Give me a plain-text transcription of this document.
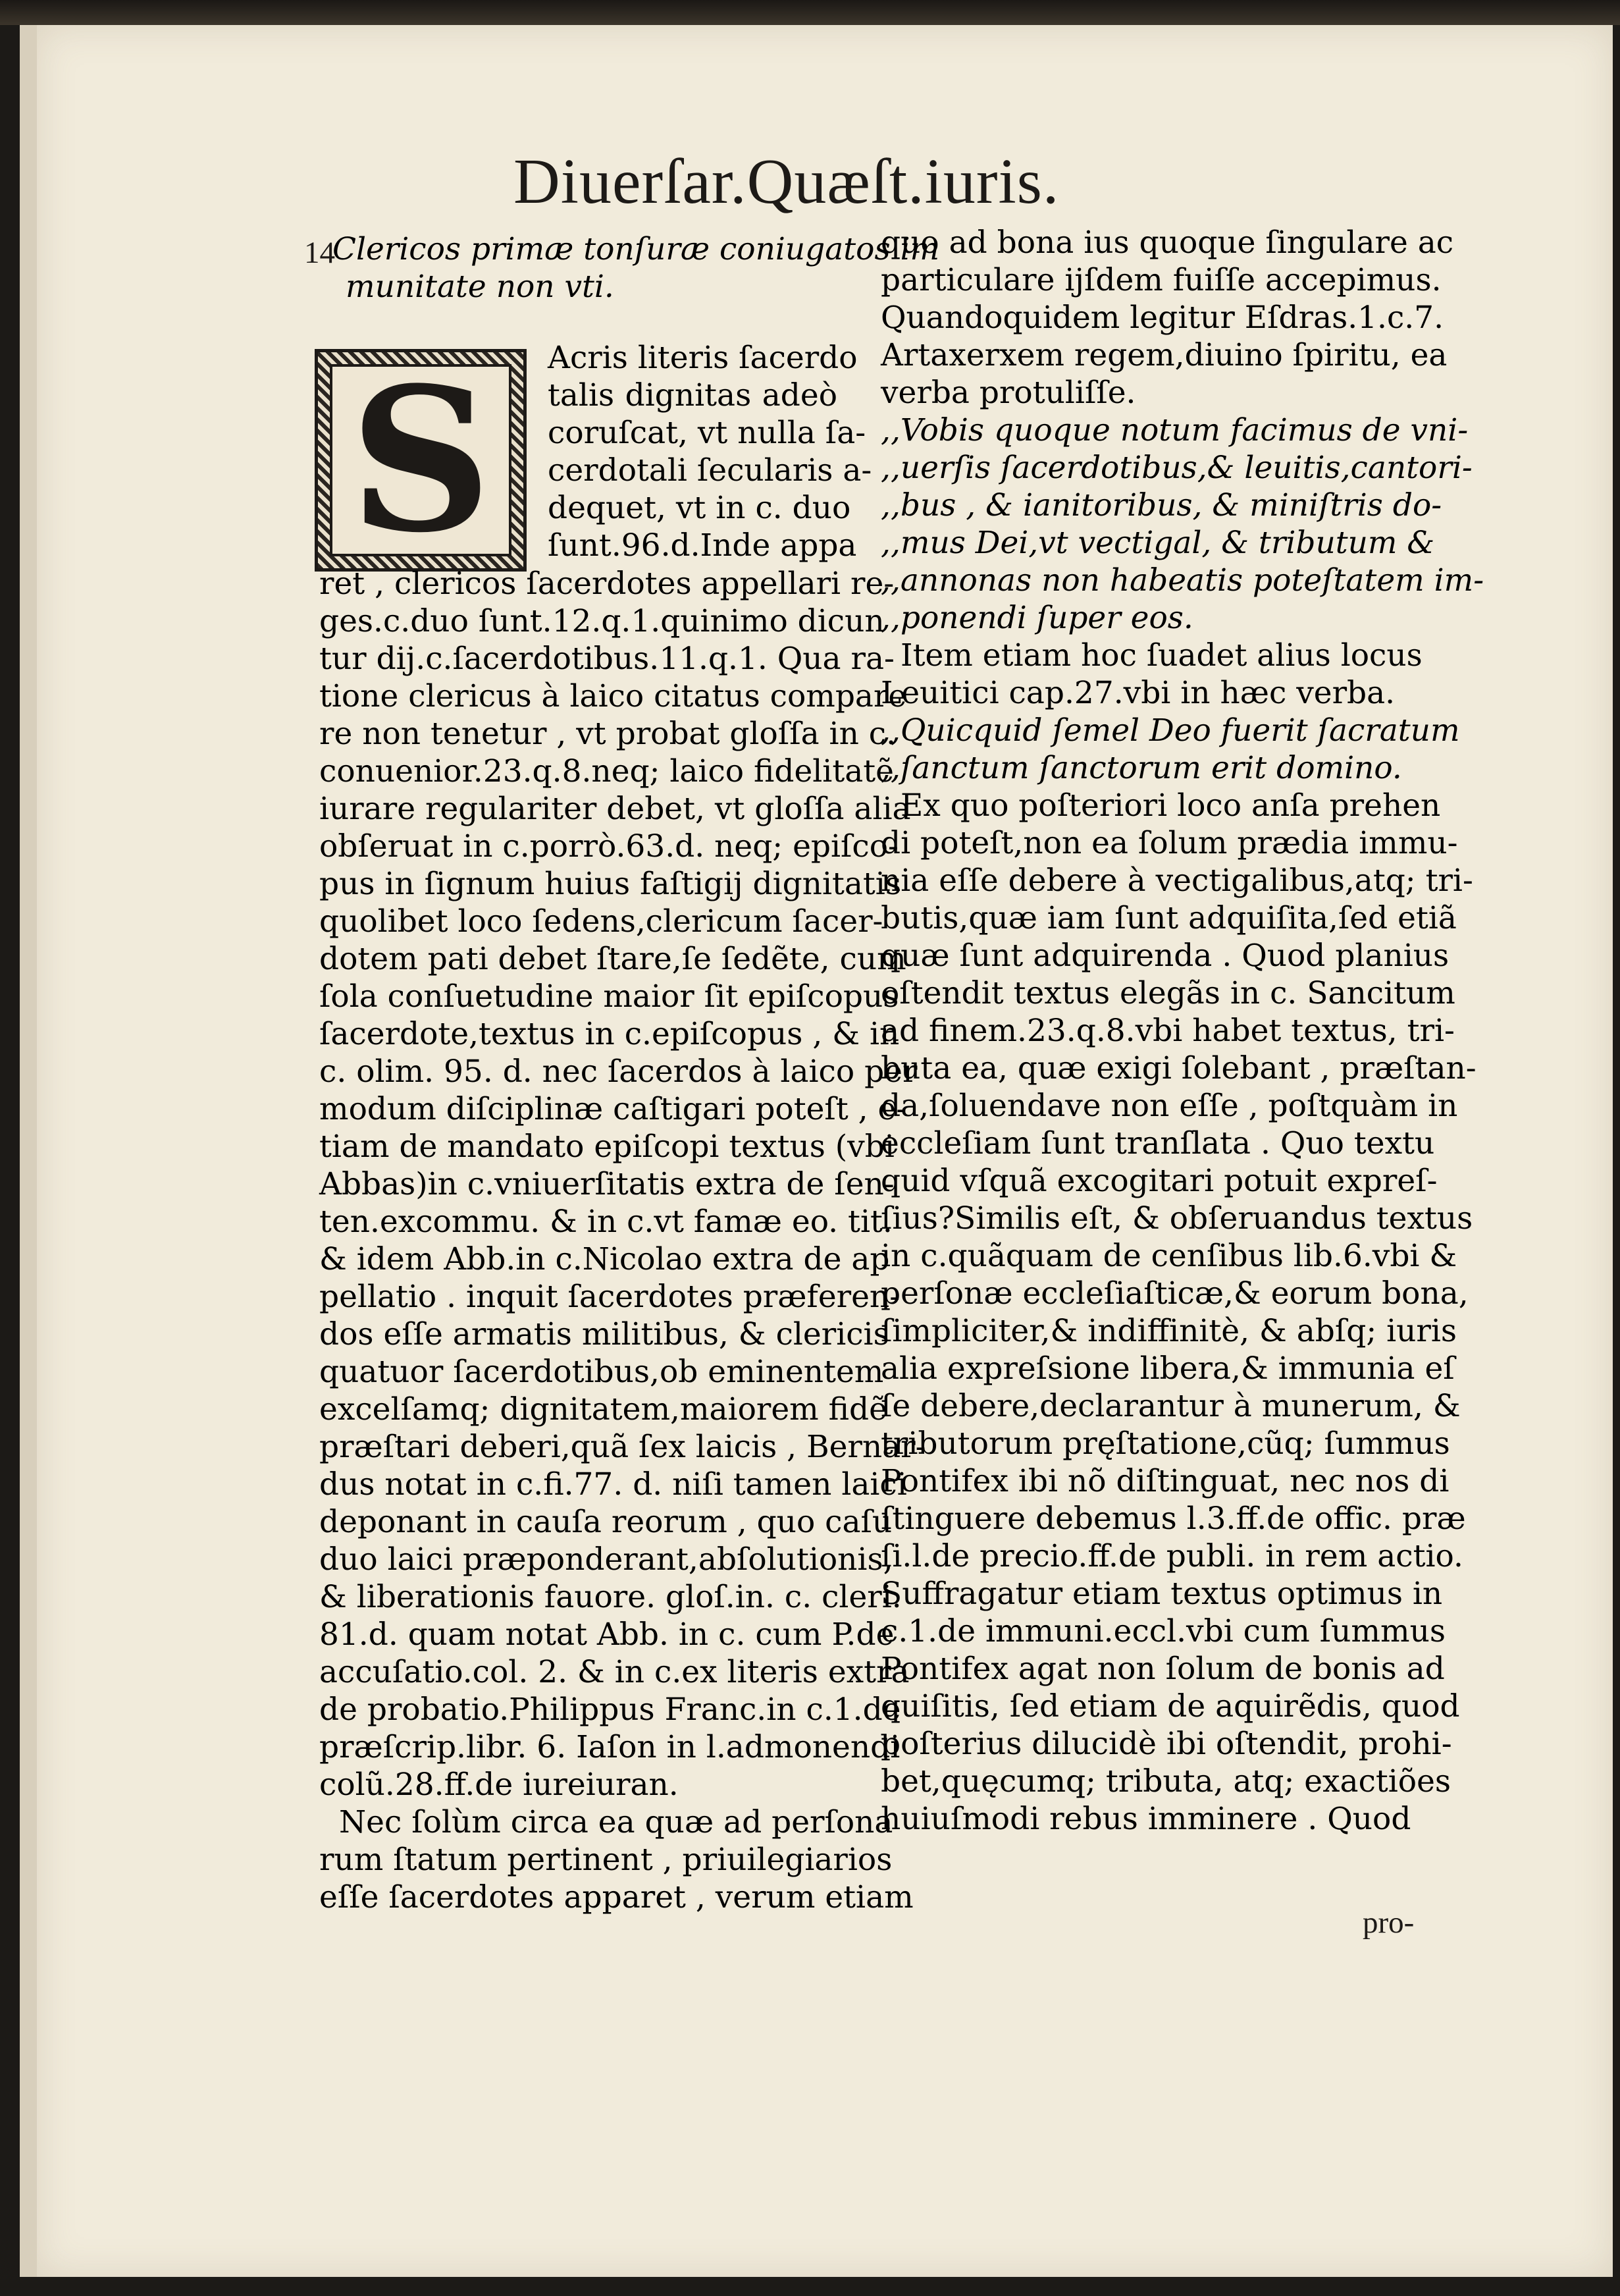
Diuerſar.Quæſt.iuris.
14
Clericos primæ tonſuræ coniugatos im
munitate non vti.
S Acris literis ſacerdo
talis dignitas adeò
coruſcat, vt nulla ſa-
cerdotali ſecularis a-
dequet, vt in c. duo
ſunt.96.d.Inde appa
ret , clericos ſacerdotes appellari re-
ges.c.duo ſunt.12.q.1.quinimo dicun
tur dij.c.ſacerdotibus.11.q.1. Qua ra-
tione clericus à laico citatus compare
re non tenetur , vt probat gloſſa in c.
conuenior.23.q.8.neq; laico fidelitatẽ
iurare regulariter debet, vt gloſſa alia
obſeruat in c.porrò.63.d. neq; epiſco-
pus in ſignum huius faſtigij dignitatis
quolibet loco ſedens,clericum ſacer-
dotem pati debet ſtare,ſe ſedẽte, cum
ſola conſuetudine maior ſit epiſcopus
ſacerdote,textus in c.epiſcopus , & in
c. olim. 95. d. nec ſacerdos à laico per
modum diſciplinæ caſtigari poteſt , e-
tiam de mandato epiſcopi textus (vbi
Abbas)in c.vniuerſitatis extra de ſen-
ten.excommu. & in c.vt famæ eo. tit.
& idem Abb.in c.Nicolao extra de ap
pellatio . inquit ſacerdotes præferen-
dos eſſe armatis militibus, & clericis
quatuor ſacerdotibus,ob eminentem
excelſamq; dignitatem,maiorem fidẽ
præſtari deberi,quã ſex laicis , Bernar-
dus notat in c.fi.77. d. niſi tamen laici
deponant in cauſa reorum , quo caſu
duo laici præponderant,abſolutionis,
& liberationis fauore. gloſ.in. c. cleri.
81.d. quam notat Abb. in c. cum P.de
accuſatio.col. 2. & in c.ex literis extra
de probatio.Philippus Franc.in c.1.de
præſcrip.libr. 6. Iaſon in l.admonendi
colũ.28.ff.de iureiuran.
Nec ſolùm circa ea quæ ad perſona
rum ſtatum pertinent , priuilegiarios
eſſe ſacerdotes apparet , verum etiam
quo ad bona ius quoque ſingulare ac
particulare ijſdem fuiſſe accepimus.
Quandoquidem legitur Eſdras.1.c.7.
Artaxerxem regem,diuino ſpiritu, ea
verba protuliſſe.
,,Vobis quoque notum facimus de vni-
,,uerſis ſacerdotibus,& leuitis,cantori-
,,bus , & ianitoribus, & miniſtris do-
,,mus Dei,vt vectigal, & tributum &
,,annonas non habeatis poteſtatem im-
,,ponendi ſuper eos.
Item etiam hoc ſuadet alius locus
Leuitici cap.27.vbi in hæc verba.
,,Quicquid ſemel Deo fuerit ſacratum
,,ſanctum ſanctorum erit domino.
Ex quo poſteriori loco anſa prehen
di poteſt,non ea ſolum prædia immu-
nia eſſe debere à vectigalibus,atq; tri-
butis,quæ iam ſunt adquiſita,ſed etiã
quæ ſunt adquirenda . Quod planius
oſtendit textus elegãs in c. Sancitum
ad finem.23.q.8.vbi habet textus, tri-
buta ea, quæ exigi ſolebant , præſtan-
da,ſoluendave non eſſe , poſtquàm in
eccleſiam ſunt tranſlata . Quo textu
quid vſquã excogitari potuit expreſ-
ſius?Similis eſt, & obſeruandus textus
in c.quãquam de cenſibus lib.6.vbi &
perſonæ eccleſiaſticæ,& eorum bona,
ſimpliciter,& indiffinitè, & abſq; iuris
alia expreſsione libera,& immunia eſ
ſe debere,declarantur à munerum, &
tributorum pręſtatione,cũq; ſummus
Pontifex ibi nõ diſtinguat, nec nos di
ſtinguere debemus l.3.ff.de offic. præ
ſi.l.de precio.ff.de publi. in rem actio.
Suffragatur etiam textus optimus in
c.1.de immuni.eccl.vbi cum ſummus
Pontifex agat non ſolum de bonis ad
quiſitis, ſed etiam de aquirẽdis, quod
poſterius dilucidè ibi oſtendit, prohi-
bet,quęcumq; tributa, atq; exactiões
huiuſmodi rebus imminere . Quod
pro-
